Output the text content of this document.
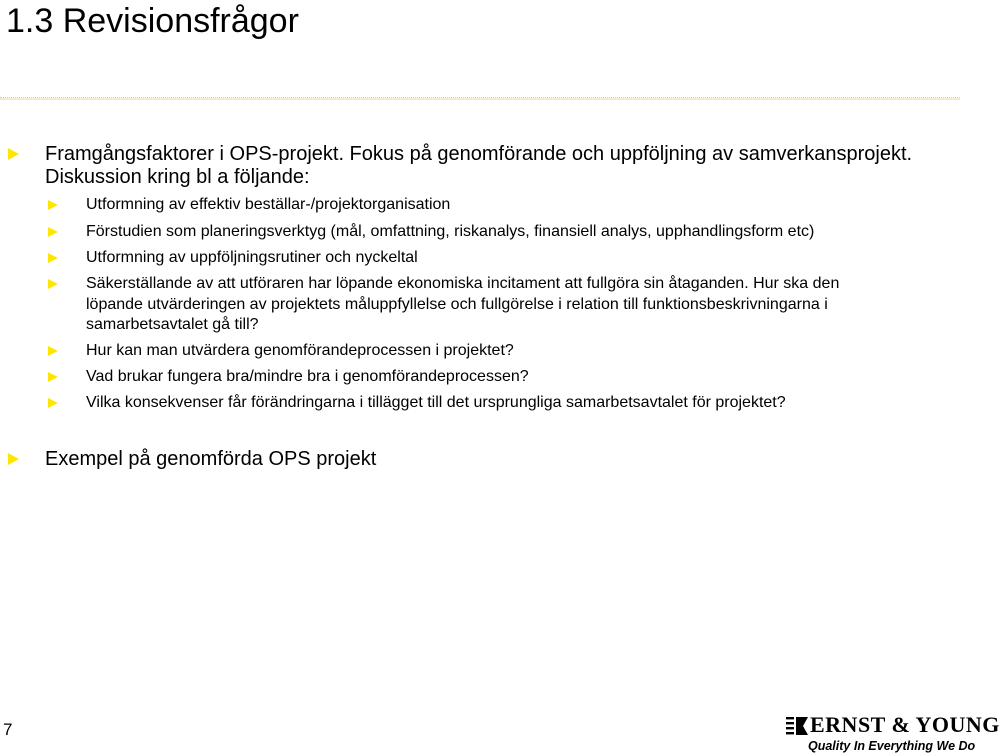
1.3 Revisionsfrågor
Framgångsfaktorer i OPS-projekt. Fokus på genomförande och uppföljning av samverkansprojekt.
Diskussion kring bl a följande:
Utformning av effektiv beställar-/projektorganisation
Förstudien som planeringsverktyg (mål, omfattning, riskanalys, finansiell analys, upphandlingsform etc)
Utformning av uppföljningsrutiner och nyckeltal
Säkerställande av att utföraren har löpande ekonomiska incitament att fullgöra sin åtaganden. Hur ska den
löpande utvärderingen av projektets måluppfyllelse och fullgörelse i relation till funktionsbeskrivningarna i
samarbetsavtalet gå till?
Hur kan man utvärdera genomförandeprocessen i projektet?
Vad brukar fungera bra/mindre bra i genomförandeprocessen?
Vilka konsekvenser får förändringarna i tillägget till det ursprungliga samarbetsavtalet för projektet?
Exempel på genomförda OPS projekt
7	ERNST & YOUNG
Quality In Everything We Do
